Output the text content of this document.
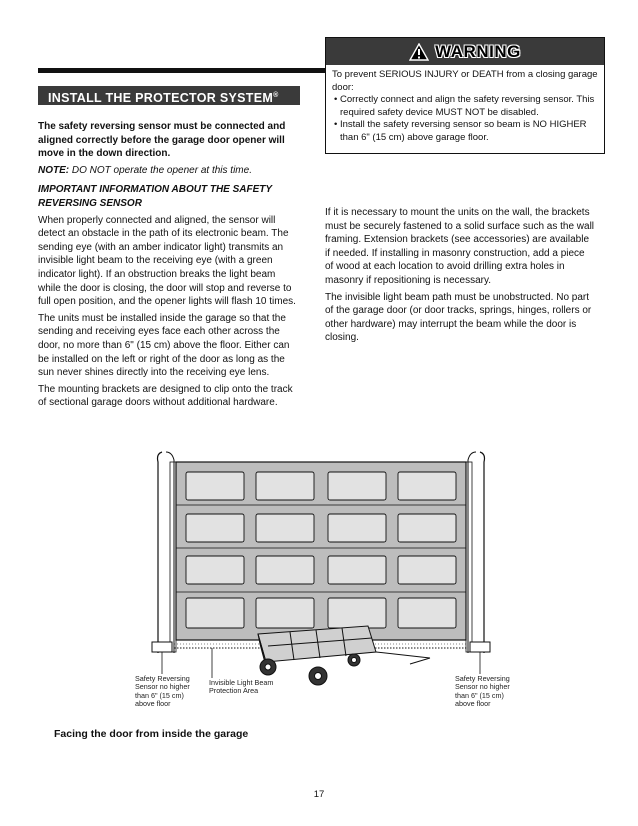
WARNING
To prevent SERIOUS INJURY or DEATH from a closing garage door:
• Correctly connect and align the safety reversing sensor. This required safety device MUST NOT be disabled.
• Install the safety reversing sensor so beam is NO HIGHER than 6" (15 cm) above garage floor.
INSTALL THE PROTECTOR SYSTEM®

The safety reversing sensor must be connected and aligned correctly before the garage door opener will move in the down direction.

NOTE: DO NOT operate the opener at this time.

IMPORTANT INFORMATION ABOUT THE SAFETY REVERSING SENSOR

When properly connected and aligned, the sensor will detect an obstacle in the path of its electronic beam. The sending eye (with an amber indicator light) transmits an invisible light beam to the receiving eye (with a green indicator light). If an obstruction breaks the light beam while the door is closing, the door will stop and reverse to full open position, and the opener lights will flash 10 times.

The units must be installed inside the garage so that the sending and receiving eyes face each other across the door, no more than 6" (15 cm) above the floor. Either can be installed on the left or right of the door as long as the sun never shines directly into the receiving eye lens.

The mounting brackets are designed to clip onto the track of sectional garage doors without additional hardware.

If it is necessary to mount the units on the wall, the brackets must be securely fastened to a solid surface such as the wall framing. Extension brackets (see accessories) are available if needed. If installing in masonry construction, add a piece of wood at each location to avoid drilling extra holes in masonry if repositioning is necessary.

The invisible light beam path must be unobstructed. No part of the garage door (or door tracks, springs, hinges, rollers or other hardware) may interrupt the beam while the door is closing.

Safety Reversing Sensor no higher than 6" (15 cm) above floor
Invisible Light Beam Protection Area
Safety Reversing Sensor no higher than 6" (15 cm) above floor
Facing the door from inside the garage
17
